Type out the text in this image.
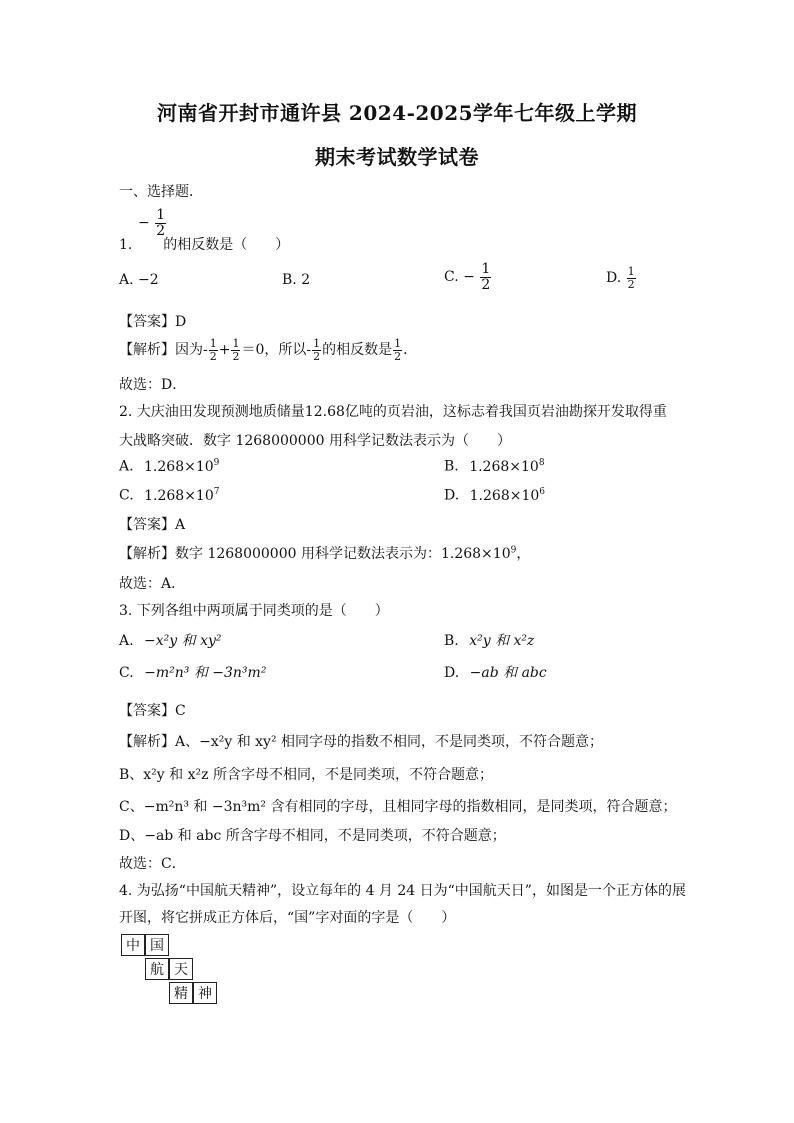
河南省开封市通许县 2024-2025学年七年级上学期
期末考试数学试卷
一、选择题．
− $\frac{1}{2}$
1. 的相反数是（　　）
A. −2	B. 2	C. − $\frac{1}{2}$	D. $\frac{1}{2}$
【答案】D
【解析】因为- $\frac{1}{2} + \frac{1}{2} =0$，所以- $\frac{1}{2}$ 的相反数是 $\frac{1}{2}$ ．
故选：D．
2. 大庆油田发现预测地质储量12.68亿吨的页岩油，这标志着我国页岩油勘探开发取得重
大战略突破．数字 1268000000 用科学记数法表示为（　　）
A. $1.268\times 10^9$	B. $1.268\times 10^8$
C. $1.268\times 10^7$	D. $1.268\times 10^6$
【答案】A
【解析】数字 1268000000 用科学记数法表示为：$1.268\times 10^9$，
故选：A．
3. 下列各组中两项属于同类项的是（　　）
A. −x²y 和 xy²	B. x²y 和 x²z
C. −m²n³ 和 −3n³m²	D. −ab 和 abc
【答案】C
【解析】A、−x²y 和 xy² 相同字母的指数不相同，不是同类项，不符合题意；
B、x²y 和 x²z 所含字母不相同，不是同类项，不符合题意；
C、−m²n³ 和 −3n³m² 含有相同的字母，且相同字母的指数相同，是同类项，符合题意；
D、−ab 和 abc 所含字母不相同，不是同类项，不符合题意；
故选：C．
4. 为弘扬“中国航天精神”，设立每年的 4 月 24 日为“中国航天日”，如图是一个正方体的展
开图，将它拼成正方体后，“国”字对面的字是（　　）
中 国
航 天
精 神
